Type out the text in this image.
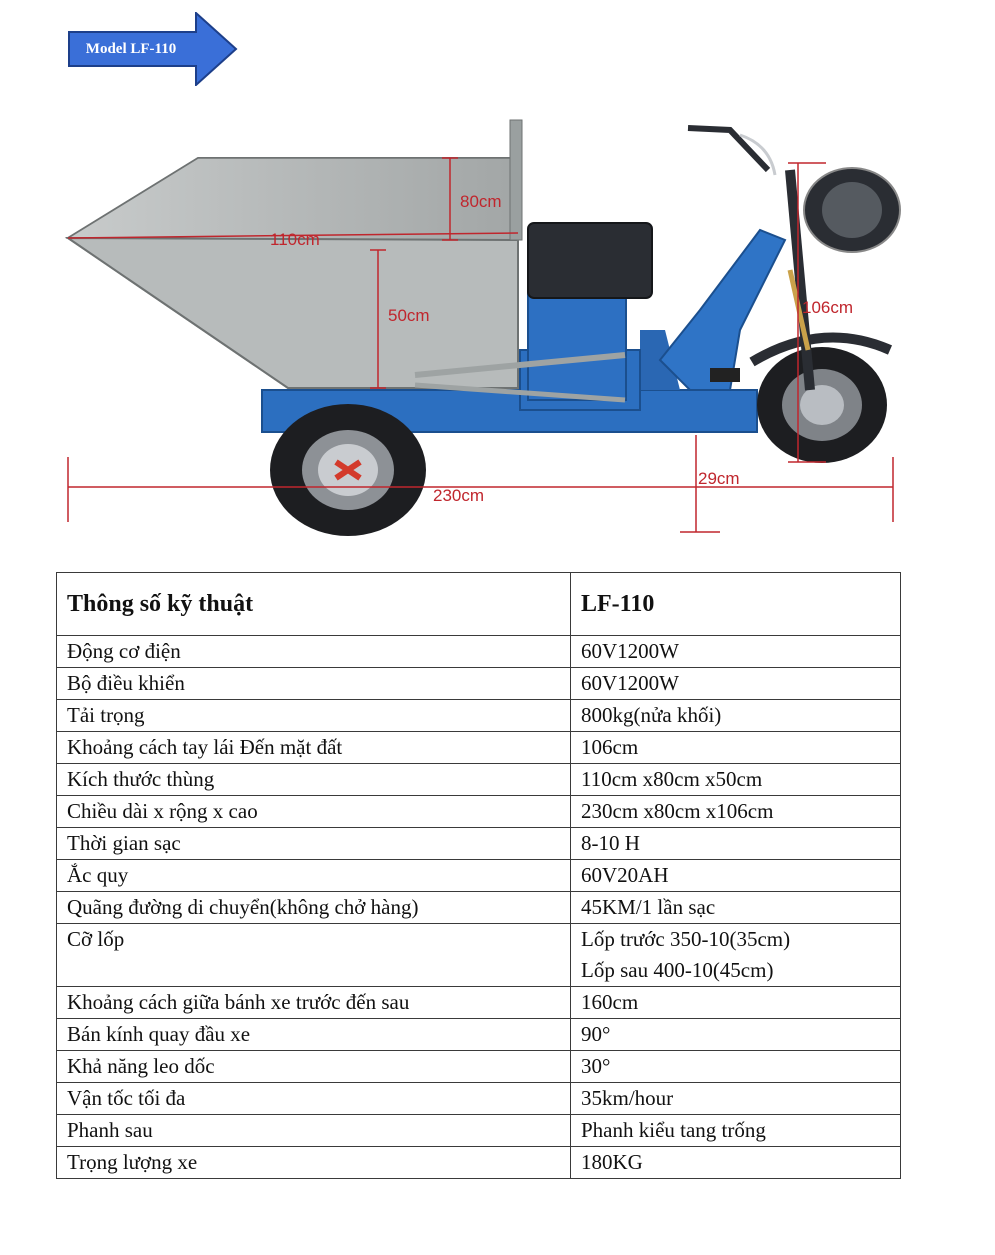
Model LF-110
80cm
110cm
50cm	106cm
230cm
29cm
Thông số kỹ thuật	LF-110
Động cơ điện	60V1200W

Bộ điều khiển	60V1200W

Tải trọng	800kg(nửa khối)

Khoảng cách tay lái Đến mặt đất	106cm

Kích thước thùng	110cm x80cm x50cm

Chiều dài x rộng x cao	230cm x80cm x106cm

Thời gian sạc	8-10 H

Ắc quy	60V20AH

Quãng đường di chuyển(không chở hàng)	45KM/1 lần sạc

Cỡ lốp	Lốp trước 350-10(35cm)
Lốp sau 400-10(45cm)

Khoảng cách giữa bánh xe trước đến sau	160cm

Bán kính quay đầu xe	90°

Khả năng leo dốc	30°

Vận tốc tối đa	35km/hour

Phanh sau	Phanh kiểu tang trống

Trọng lượng xe	180KG
